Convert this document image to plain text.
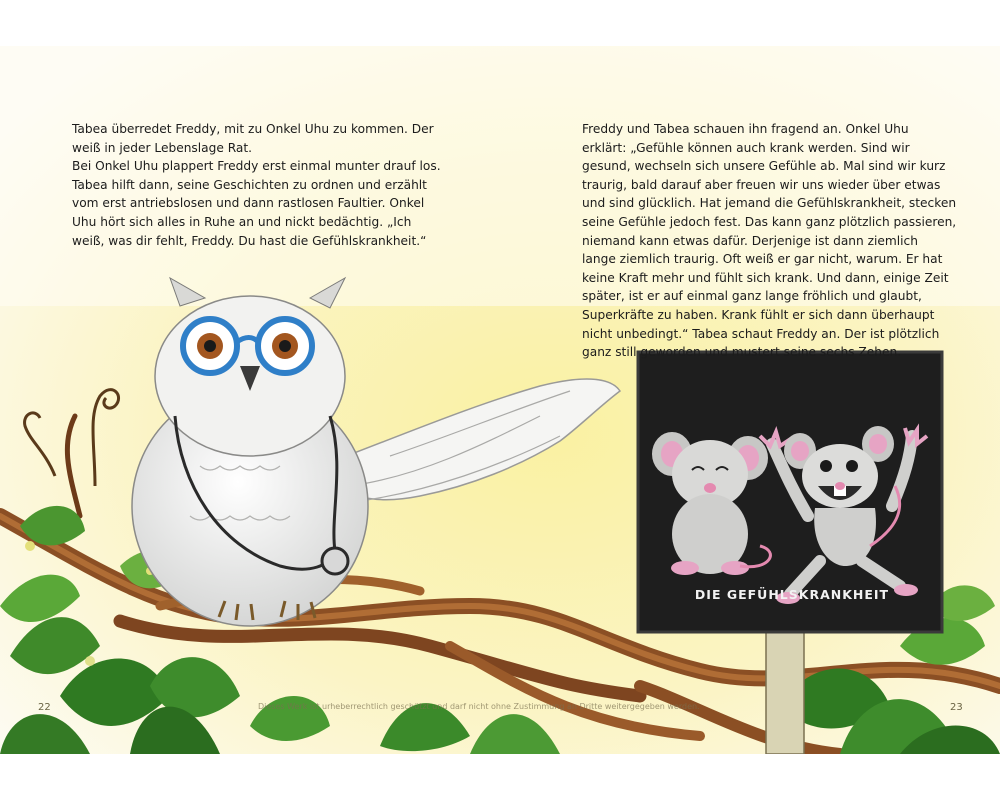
Tabea überredet Freddy, mit zu Onkel Uhu zu kommen. Der

weiß in jeder Lebenslage Rat.

Bei Onkel Uhu plappert Freddy erst einmal munter drauf los.

Tabea hilft dann, seine Geschichten zu ordnen und erzählt

vom erst antriebslosen und dann rastlosen Faultier. Onkel

Uhu hört sich alles in Ruhe an und nickt bedächtig. „Ich

weiß, was dir fehlt, Freddy. Du hast die Gefühlskrankheit.“

Freddy und Tabea schauen ihn fragend an. Onkel Uhu

erklärt: „Gefühle können auch krank werden. Sind wir

gesund, wechseln sich unsere Gefühle ab. Mal sind wir kurz

traurig, bald darauf aber freuen wir uns wieder über etwas

und sind glücklich. Hat jemand die Gefühlskrankheit, stecken

seine Gefühle jedoch fest. Das kann ganz plötzlich passieren,

niemand kann etwas dafür. Derjenige ist dann ziemlich

lange ziemlich traurig. Oft weiß er gar nicht, warum. Er hat

keine Kraft mehr und fühlt sich krank. Und dann, einige Zeit

später, ist er auf einmal ganz lange fröhlich und glaubt,

Superkräfte zu haben. Krank fühlt er sich dann überhaupt

nicht unbedingt.“ Tabea schaut Freddy an. Der ist plötzlich

ganz still geworden und mustert seine sechs Zehen.

DIE GEFÜHLSKRANKHEIT
Dieses Werk ist urheberrechtlich geschützt und darf nicht ohne Zustimmung an Dritte weitergegeben werden.
22	23
